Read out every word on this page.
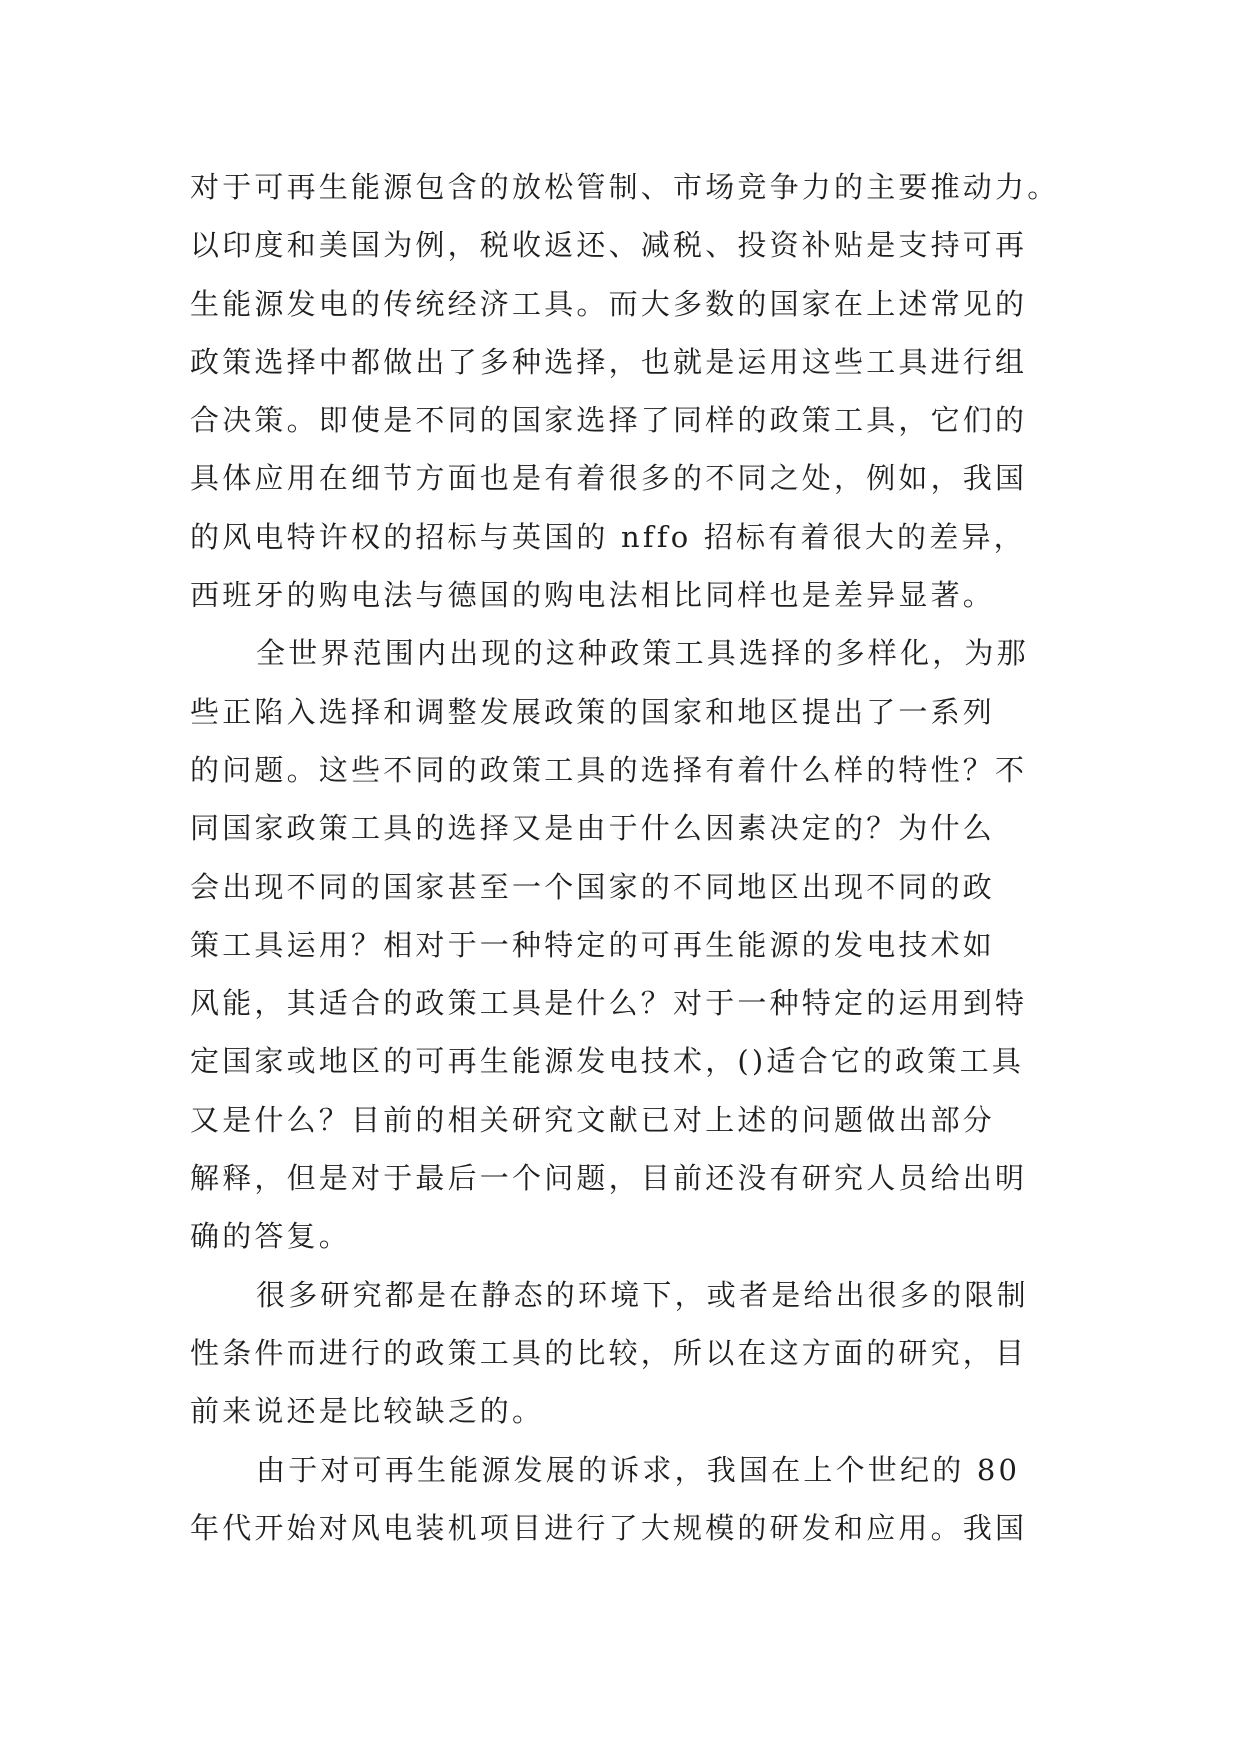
对于可再生能源包含的放松管制、市场竞争力的主要推动力。
以印度和美国为例，税收返还、减税、投资补贴是支持可再
生能源发电的传统经济工具。而大多数的国家在上述常见的
政策选择中都做出了多种选择，也就是运用这些工具进行组
合决策。即使是不同的国家选择了同样的政策工具，它们的
具体应用在细节方面也是有着很多的不同之处，例如，我国
的风电特许权的招标与英国的 nffo 招标有着很大的差异，
西班牙的购电法与德国的购电法相比同样也是差异显著。
全世界范围内出现的这种政策工具选择的多样化，为那
些正陷入选择和调整发展政策的国家和地区提出了一系列
的问题。这些不同的政策工具的选择有着什么样的特性？不
同国家政策工具的选择又是由于什么因素决定的？为什么
会出现不同的国家甚至一个国家的不同地区出现不同的政
策工具运用？相对于一种特定的可再生能源的发电技术如
风能，其适合的政策工具是什么？对于一种特定的运用到特
定国家或地区的可再生能源发电技术，()适合它的政策工具
又是什么？目前的相关研究文献已对上述的问题做出部分
解释，但是对于最后一个问题，目前还没有研究人员给出明
确的答复。
很多研究都是在静态的环境下，或者是给出很多的限制
性条件而进行的政策工具的比较，所以在这方面的研究，目
前来说还是比较缺乏的。
由于对可再生能源发展的诉求，我国在上个世纪的 80
年代开始对风电装机项目进行了大规模的研发和应用。我国
